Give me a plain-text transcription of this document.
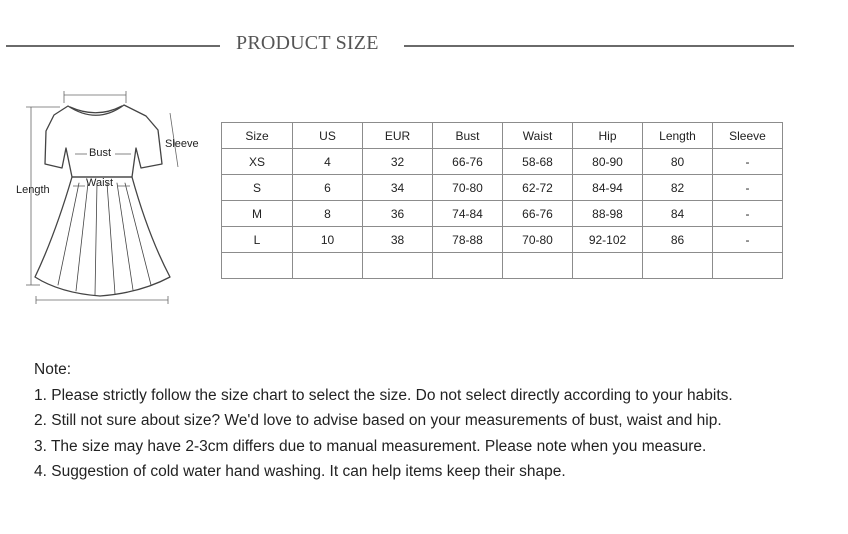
PRODUCT SIZE
Bust
Waist
Sleeve
Length
Size	US	EUR	Bust	Waist	Hip	Length	Sleeve
XS	4	32	66-76	58-68	80-90	80	-
S	6	34	70-80	62-72	84-94	82	-
M	8	36	74-84	66-76	88-98	84	-
L	10	38	78-88	70-80	92-102	86	-

Note:
1. Please strictly follow the size chart to select the size. Do not select directly according to your habits.
2. Still not sure about size? We'd love to advise based on your measurements of bust, waist and hip.
3. The size may have 2-3cm differs due to manual measurement. Please note when you measure.
4. Suggestion of cold water hand washing. It can help items keep their shape.
